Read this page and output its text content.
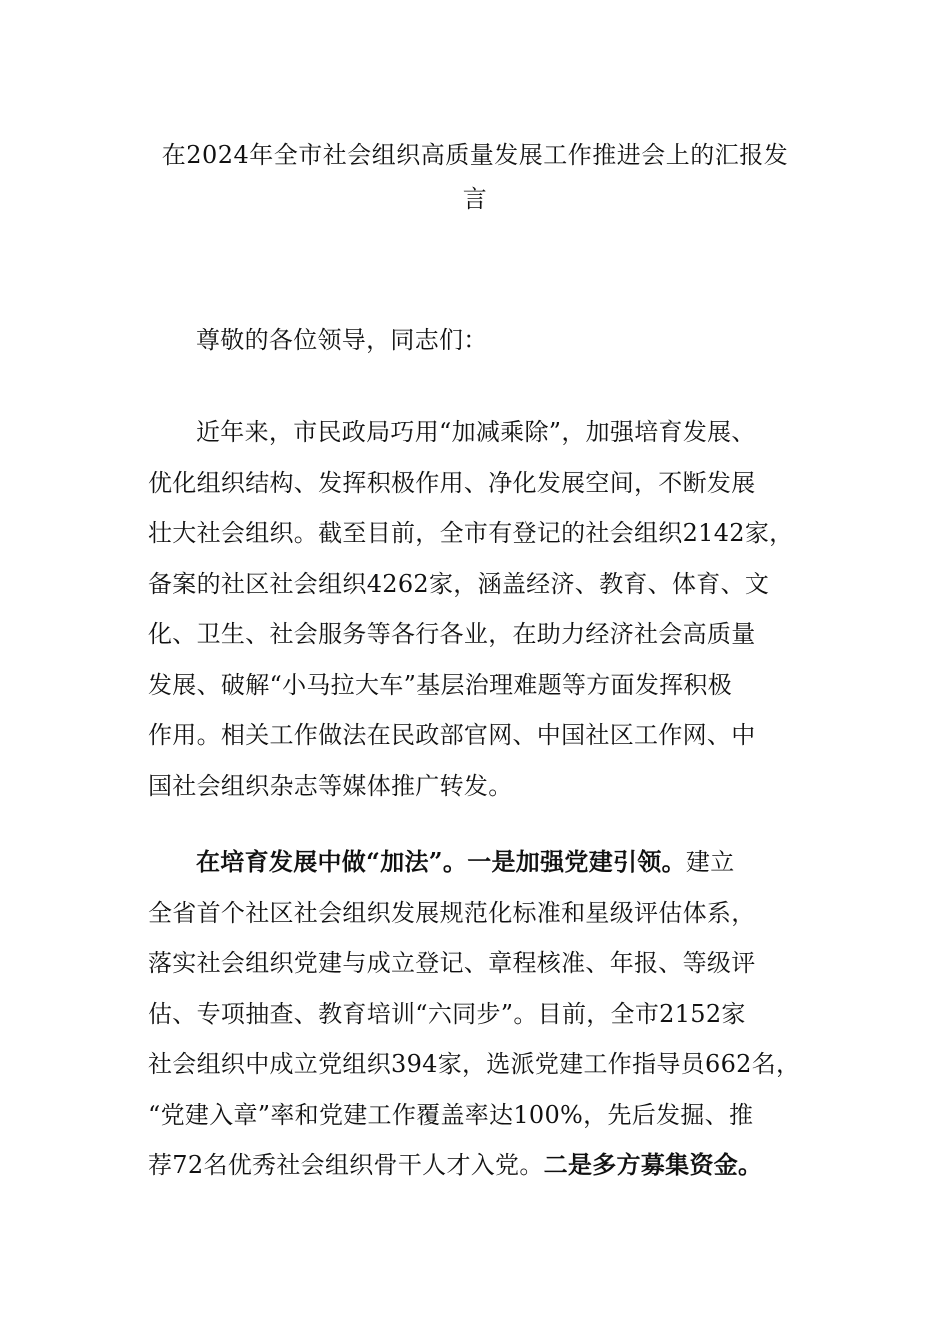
在2024年全市社会组织高质量发展工作推进会上的汇报发
言
尊敬的各位领导，同志们：
近年来，市民政局巧用“加减乘除”，加强培育发展、
优化组织结构、发挥积极作用、净化发展空间，不断发展
壮大社会组织。截至目前，全市有登记的社会组织2142家，
备案的社区社会组织4262家，涵盖经济、教育、体育、文
化、卫生、社会服务等各行各业，在助力经济社会高质量
发展、破解“小马拉大车”基层治理难题等方面发挥积极
作用。相关工作做法在民政部官网、中国社区工作网、中
国社会组织杂志等媒体推广转发。
在培育发展中做“加法”。一是加强党建引领。建立
全省首个社区社会组织发展规范化标准和星级评估体系，
落实社会组织党建与成立登记、章程核准、年报、等级评
估、专项抽查、教育培训“六同步”。目前，全市2152家
社会组织中成立党组织394家，选派党建工作指导员662名，
“党建入章”率和党建工作覆盖率达100%，先后发掘、推
荐72名优秀社会组织骨干人才入党。二是多方募集资金。
